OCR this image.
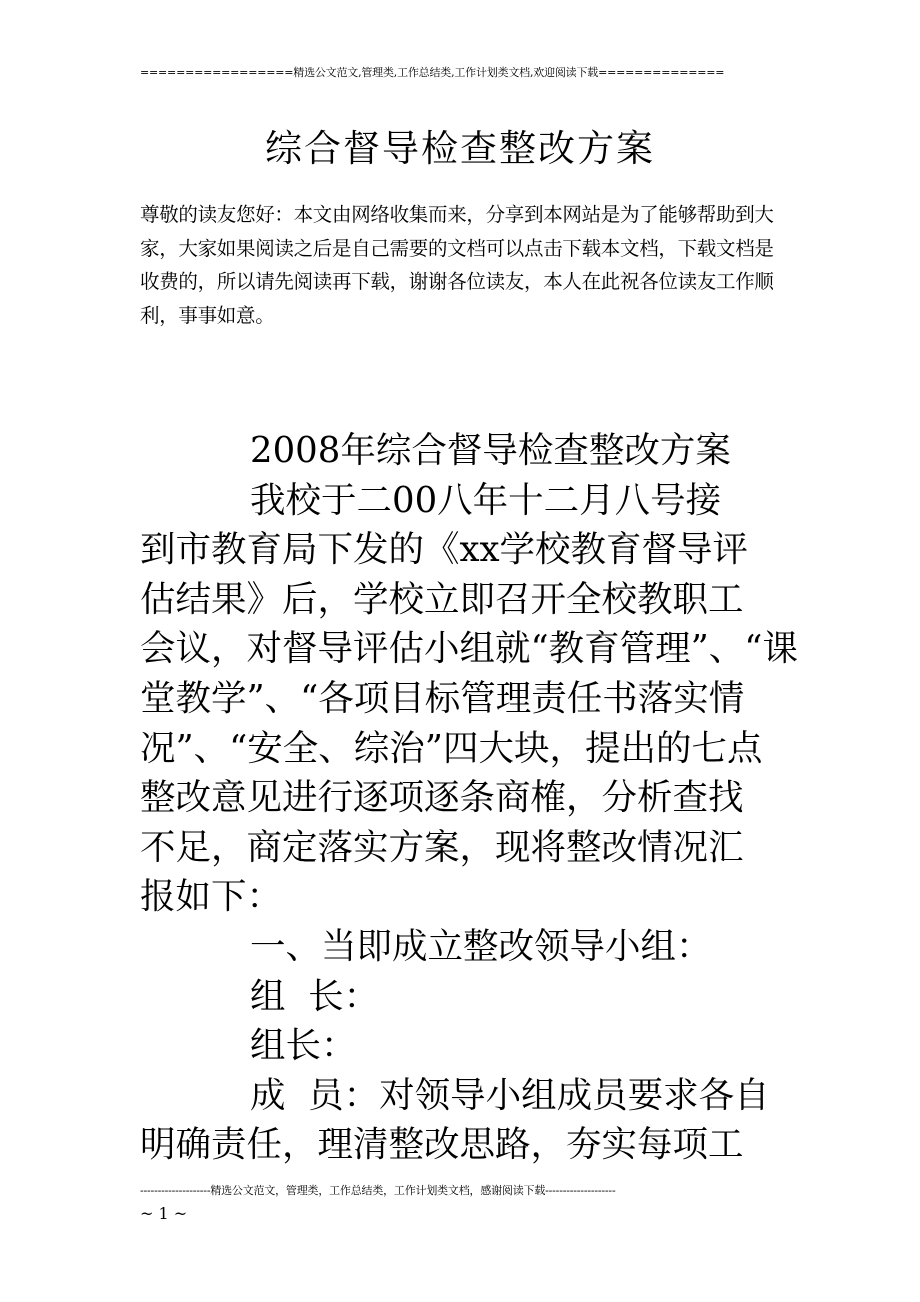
=================精选公文范文,管理类,工作总结类,工作计划类文档,欢迎阅读下载==============
综合督导检查整改方案
尊敬的读友您好：本文由网络收集而来，分享到本网站是为了能够帮助到大
家，大家如果阅读之后是自己需要的文档可以点击下载本文档，下载文档是
收费的，所以请先阅读再下载，谢谢各位读友，本人在此祝各位读友工作顺
利，事事如意。
2008年综合督导检查整改方案
我校于二00八年十二月八号接
到市教育局下发的《xx学校教育督导评
估结果》后，学校立即召开全校教职工
会议，对督导评估小组就“教育管理”、“课
堂教学”、“各项目标管理责任书落实情
况”、“安全、综治”四大块，提出的七点
整改意见进行逐项逐条商榷，分析查找
不足，商定落实方案，现将整改情况汇
报如下：
一、当即成立整改领导小组：
组  长：
组长：
成  员：对领导小组成员要求各自
明确责任，理清整改思路，夯实每项工
--------------------精选公文范文，管理类，工作总结类，工作计划类文档，感谢阅读下载--------------------
~ 1 ~
